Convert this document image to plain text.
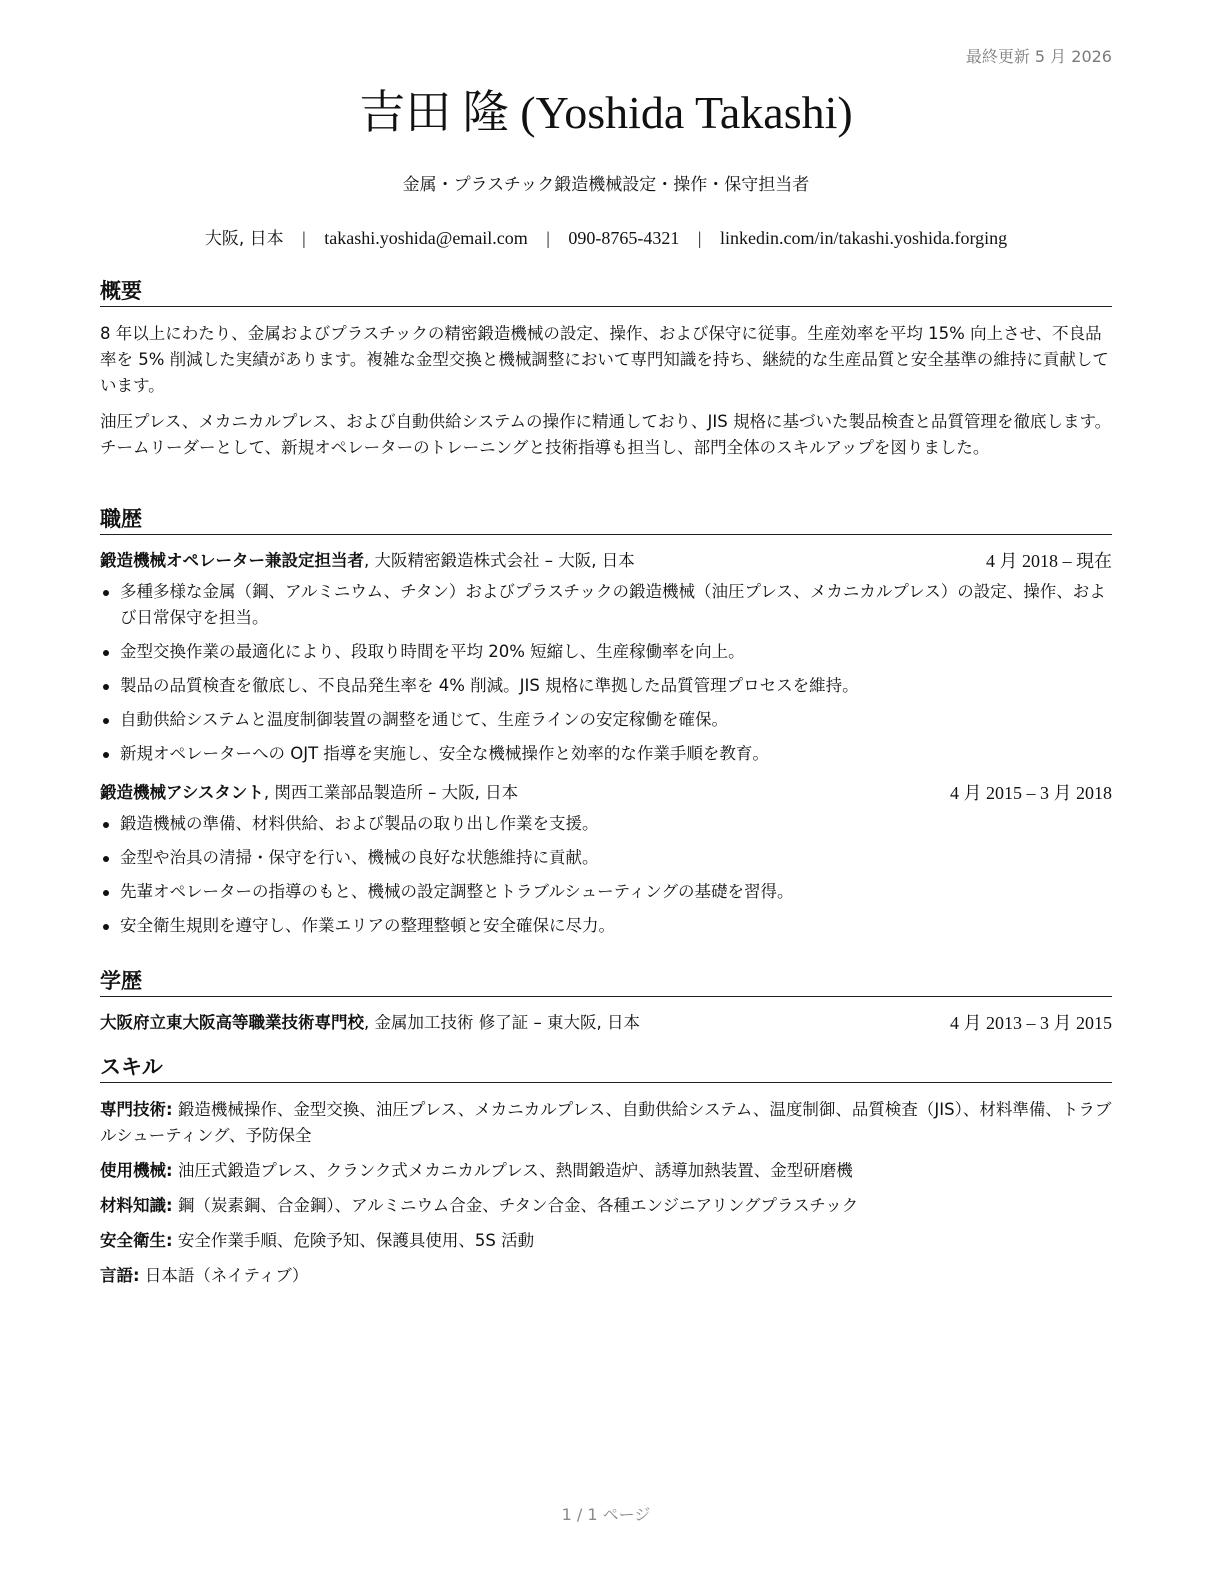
最終更新 5 月 2026
吉田 隆 (Yoshida Takashi)
金属・プラスチック鍛造機械設定・操作・保守担当者
大阪, 日本 | takashi.yoshida@email.com | 090-8765-4321 | linkedin.com/in/takashi.yoshida.forging
概要

8 年以上にわたり、金属およびプラスチックの精密鍛造機械の設定、操作、および保守に従事。生産効率を平均 15% 向上させ、不良品率を 5% 削減した実績があります。複雑な金型交換と機械調整において専門知識を持ち、継続的な生産品質と安全基準の維持に貢献しています。

油圧プレス、メカニカルプレス、および自動供給システムの操作に精通しており、JIS 規格に基づいた製品検査と品質管理を徹底します。チームリーダーとして、新規オペレーターのトレーニングと技術指導も担当し、部門全体のスキルアップを図りました。

職歴
鍛造機械オペレーター兼設定担当者, 大阪精密鍛造株式会社 – 大阪, 日本	4 月 2018 – 現在
多種多様な金属（鋼、アルミニウム、チタン）およびプラスチックの鍛造機械（油圧プレス、メカニカルプレス）の設定、操作、および日常保守を担当。
金型交換作業の最適化により、段取り時間を平均 20% 短縮し、生産稼働率を向上。
製品の品質検査を徹底し、不良品発生率を 4% 削減。JIS 規格に準拠した品質管理プロセスを維持。
自動供給システムと温度制御装置の調整を通じて、生産ラインの安定稼働を確保。
新規オペレーターへの OJT 指導を実施し、安全な機械操作と効率的な作業手順を教育。
鍛造機械アシスタント, 関西工業部品製造所 – 大阪, 日本	4 月 2015 – 3 月 2018
鍛造機械の準備、材料供給、および製品の取り出し作業を支援。
金型や治具の清掃・保守を行い、機械の良好な状態維持に貢献。
先輩オペレーターの指導のもと、機械の設定調整とトラブルシューティングの基礎を習得。
安全衛生規則を遵守し、作業エリアの整理整頓と安全確保に尽力。
学歴
大阪府立東大阪高等職業技術専門校, 金属加工技術 修了証 – 東大阪, 日本	4 月 2013 – 3 月 2015
スキル
専門技術: 鍛造機械操作、金型交換、油圧プレス、メカニカルプレス、自動供給システム、温度制御、品質検査（JIS）、材料準備、トラブルシューティング、予防保全
使用機械: 油圧式鍛造プレス、クランク式メカニカルプレス、熱間鍛造炉、誘導加熱装置、金型研磨機
材料知識: 鋼（炭素鋼、合金鋼）、アルミニウム合金、チタン合金、各種エンジニアリングプラスチック
安全衛生: 安全作業手順、危険予知、保護具使用、5S 活動
言語: 日本語（ネイティブ）
1 / 1 ページ
